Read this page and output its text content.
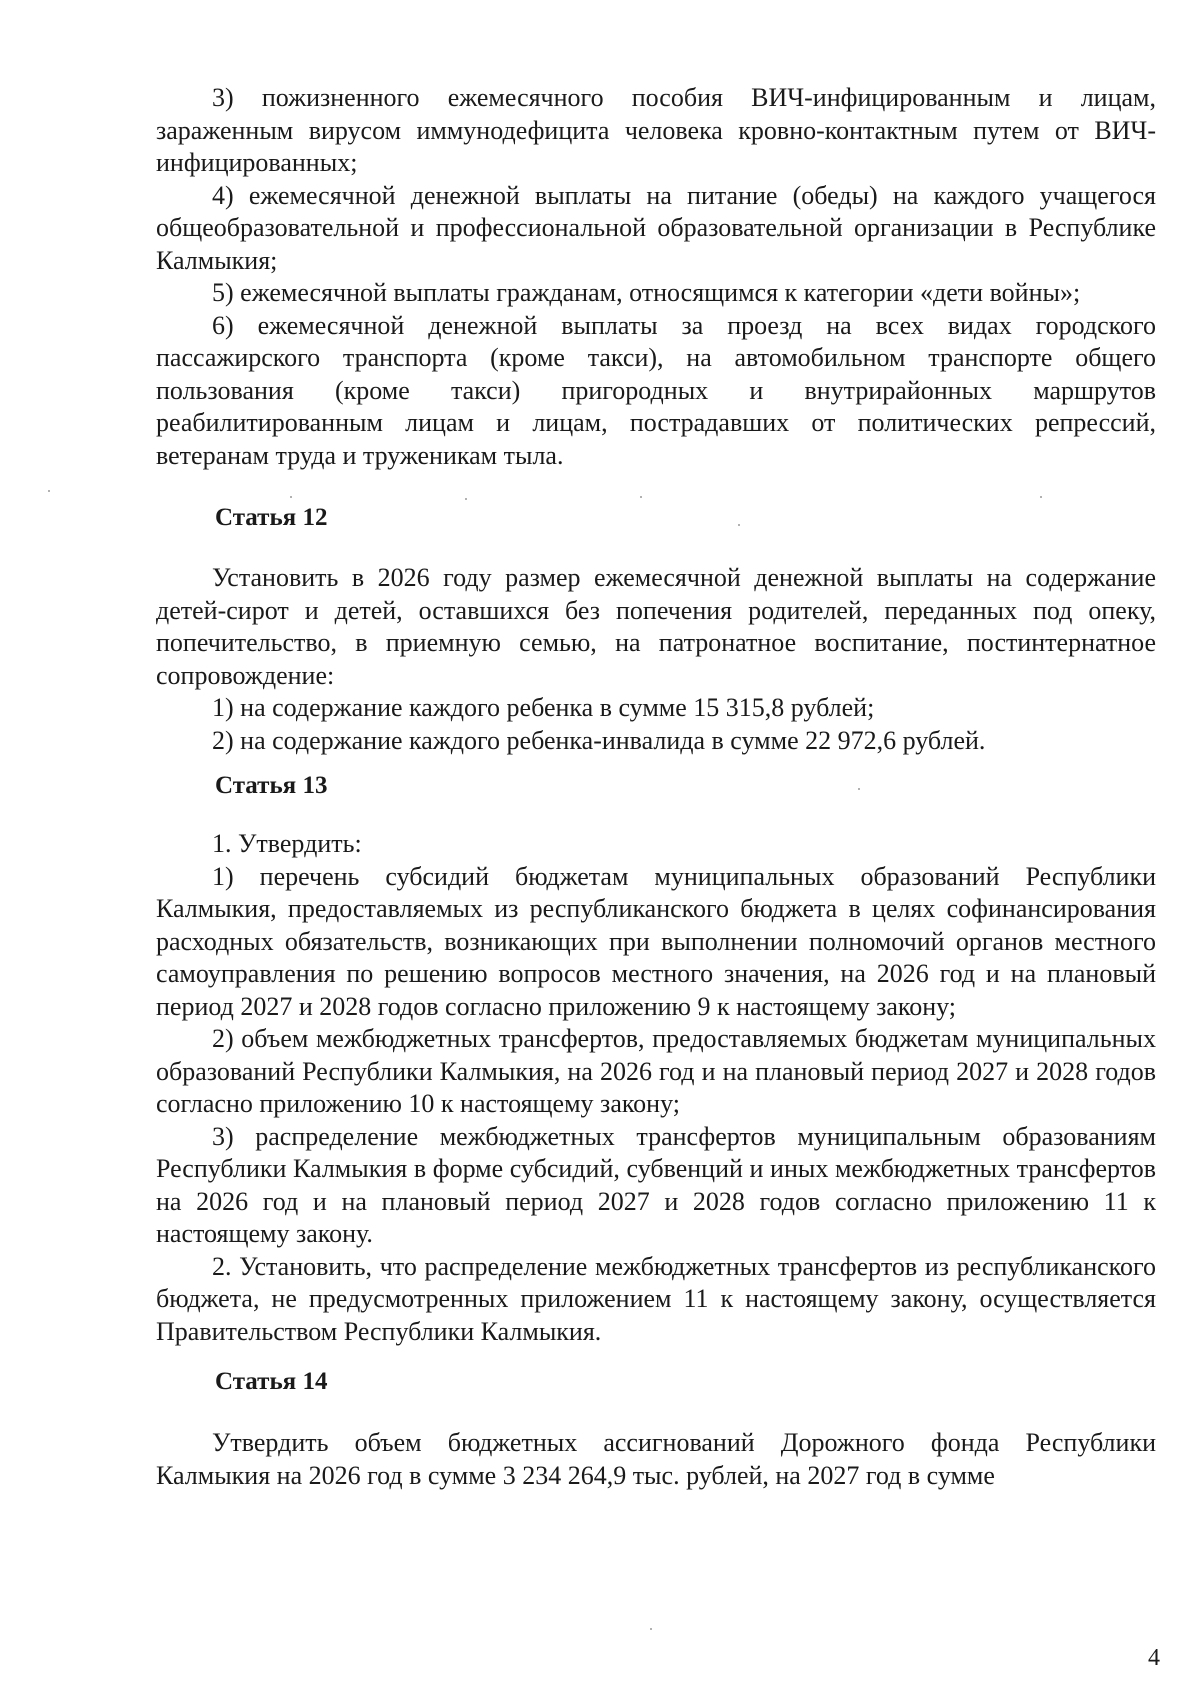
3) пожизненного ежемесячного пособия ВИЧ-инфицированным и лицам, зараженным вирусом иммунодефицита человека кровно-контактным путем от ВИЧ-инфицированных;

4) ежемесячной денежной выплаты на питание (обеды) на каждого учащегося общеобразовательной и профессиональной образовательной организации в Республике Калмыкия;

5) ежемесячной выплаты гражданам, относящимся к категории «дети войны»;

6) ежемесячной денежной выплаты за проезд на всех видах городского пассажирского транспорта (кроме такси), на автомобильном транспорте общего пользования (кроме такси) пригородных и внутрирайонных маршрутов реабилитированным лицам и лицам, пострадавших от политических репрессий, ветеранам труда и труженикам тыла.

Статья 12

Установить в 2026 году размер ежемесячной денежной выплаты на содержание детей-сирот и детей, оставшихся без попечения родителей, переданных под опеку, попечительство, в приемную семью, на патронатное воспитание, постинтернатное сопровождение:

1) на содержание каждого ребенка в сумме 15 315,8 рублей;

2) на содержание каждого ребенка-инвалида в сумме 22 972,6 рублей.

Статья 13

1. Утвердить:

1) перечень субсидий бюджетам муниципальных образований Республики Калмыкия, предоставляемых из республиканского бюджета в целях софинансирования расходных обязательств, возникающих при выполнении полномочий органов местного самоуправления по решению вопросов местного значения, на 2026 год и на плановый период 2027 и 2028 годов согласно приложению 9 к настоящему закону;

2) объем межбюджетных трансфертов, предоставляемых бюджетам муниципальных образований Республики Калмыкия, на 2026 год и на плановый период 2027 и 2028 годов согласно приложению 10 к настоящему закону;

3) распределение межбюджетных трансфертов муниципальным образованиям Республики Калмыкия в форме субсидий, субвенций и иных межбюджетных трансфертов на 2026 год и на плановый период 2027 и 2028 годов согласно приложению 11 к настоящему закону.

2. Установить, что распределение межбюджетных трансфертов из республиканского бюджета, не предусмотренных приложением 11 к настоящему закону, осуществляется Правительством Республики Калмыкия.

Статья 14

Утвердить объем бюджетных ассигнований Дорожного фонда Республики Калмыкия на 2026 год в сумме 3 234 264,9 тыс. рублей, на 2027 год в сумме

4
